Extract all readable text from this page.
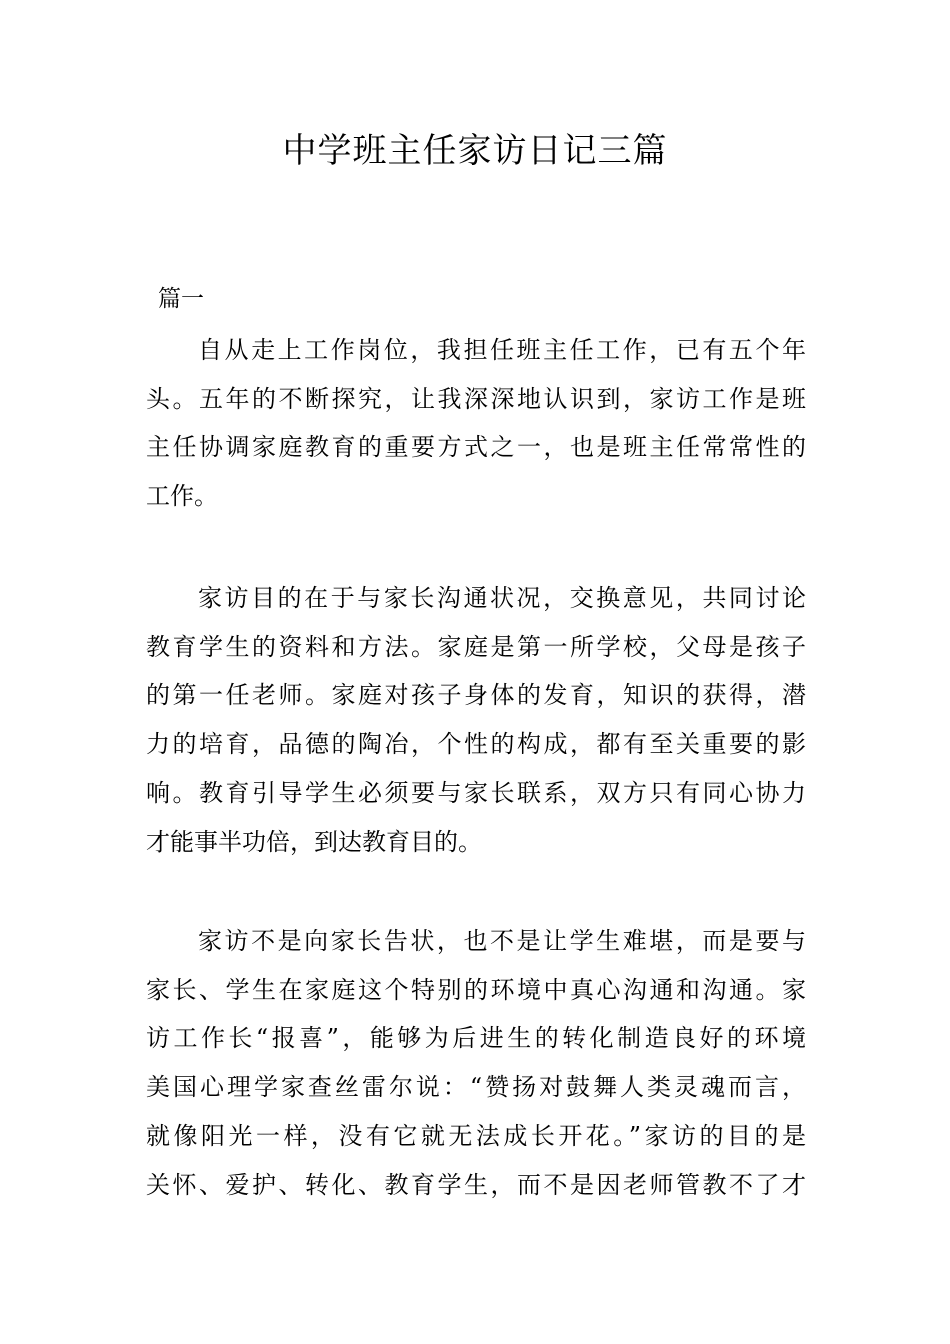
中学班主任家访日记三篇

篇一

自从走上工作岗位，我担任班主任工作，已有五个年
头。五年的不断探究，让我深深地认识到，家访工作是班
主任协调家庭教育的重要方式之一，也是班主任常常性的
工作。
家访目的在于与家长沟通状况，交换意见，共同讨论
教育学生的资料和方法。家庭是第一所学校，父母是孩子
的第一任老师。家庭对孩子身体的发育，知识的获得，潜
力的培育，品德的陶冶，个性的构成，都有至关重要的影
响。教育引导学生必须要与家长联系，双方只有同心协力
才能事半功倍，到达教育目的。
家访不是向家长告状，也不是让学生难堪，而是要与
家长、学生在家庭这个特别的环境中真心沟通和沟通。家
访工作长“报喜”，能够为后进生的转化制造良好的环境
美国心理学家查丝雷尔说：“赞扬对鼓舞人类灵魂而言，
就像阳光一样，没有它就无法成长开花。”家访的目的是
关怀、爱护、转化、教育学生，而不是因老师管教不了才
